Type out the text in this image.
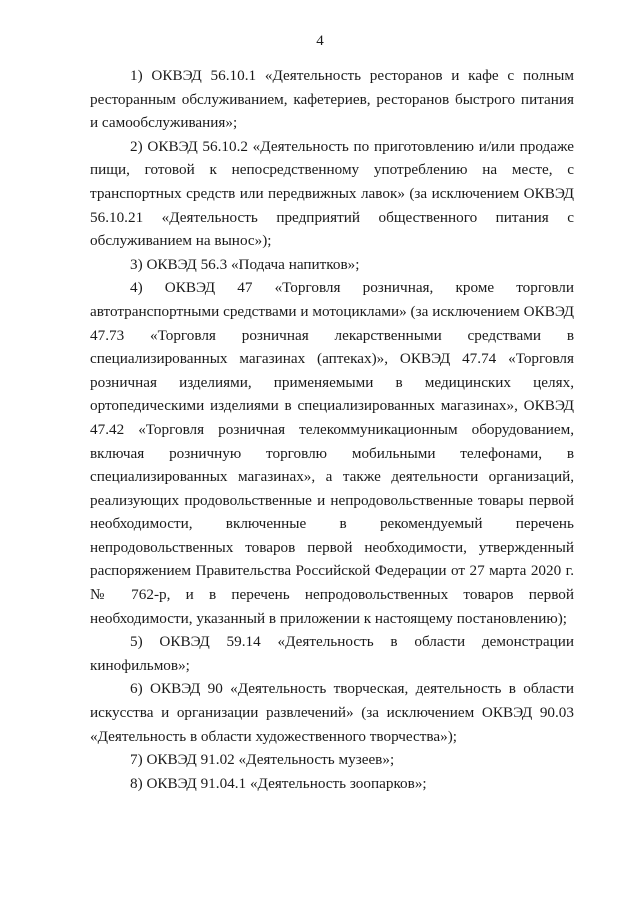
4

1) ОКВЭД 56.10.1 «Деятельность ресторанов и кафе с полным ресторанным обслуживанием, кафетериев, ресторанов быстрого питания и самообслуживания»;

2) ОКВЭД 56.10.2 «Деятельность по приготовлению и/или продаже пищи, готовой к непосредственному употреблению на месте, с транспортных средств или передвижных лавок» (за исключением ОКВЭД 56.10.21 «Деятельность предприятий общественного питания с обслуживанием на вынос»);

3) ОКВЭД 56.3 «Подача напитков»;

4) ОКВЭД 47 «Торговля розничная, кроме торговли автотранспортными средствами и мотоциклами» (за исключением ОКВЭД 47.73 «Торговля розничная лекарственными средствами в специализированных магазинах (аптеках)», ОКВЭД 47.74 «Торговля розничная изделиями, применяемыми в медицинских целях, ортопедическими изделиями в специализированных магазинах», ОКВЭД 47.42 «Торговля розничная телекоммуникационным оборудованием, включая розничную торговлю мобильными телефонами, в специализированных магазинах», а также деятельности организаций, реализующих продовольственные и непродовольственные товары первой необходимости, включенные в рекомендуемый перечень непродовольственных товаров первой необходимости, утвержденный распоряжением Правительства Российской Федерации от 27 марта 2020 г. № 762-р, и в перечень непродовольственных товаров первой необходимости, указанный в приложении к настоящему постановлению);

5) ОКВЭД 59.14 «Деятельность в области демонстрации кинофильмов»;

6) ОКВЭД 90 «Деятельность творческая, деятельность в области искусства и организации развлечений» (за исключением ОКВЭД 90.03 «Деятельность в области художественного творчества»);

7) ОКВЭД 91.02 «Деятельность музеев»;

8) ОКВЭД 91.04.1 «Деятельность зоопарков»;
